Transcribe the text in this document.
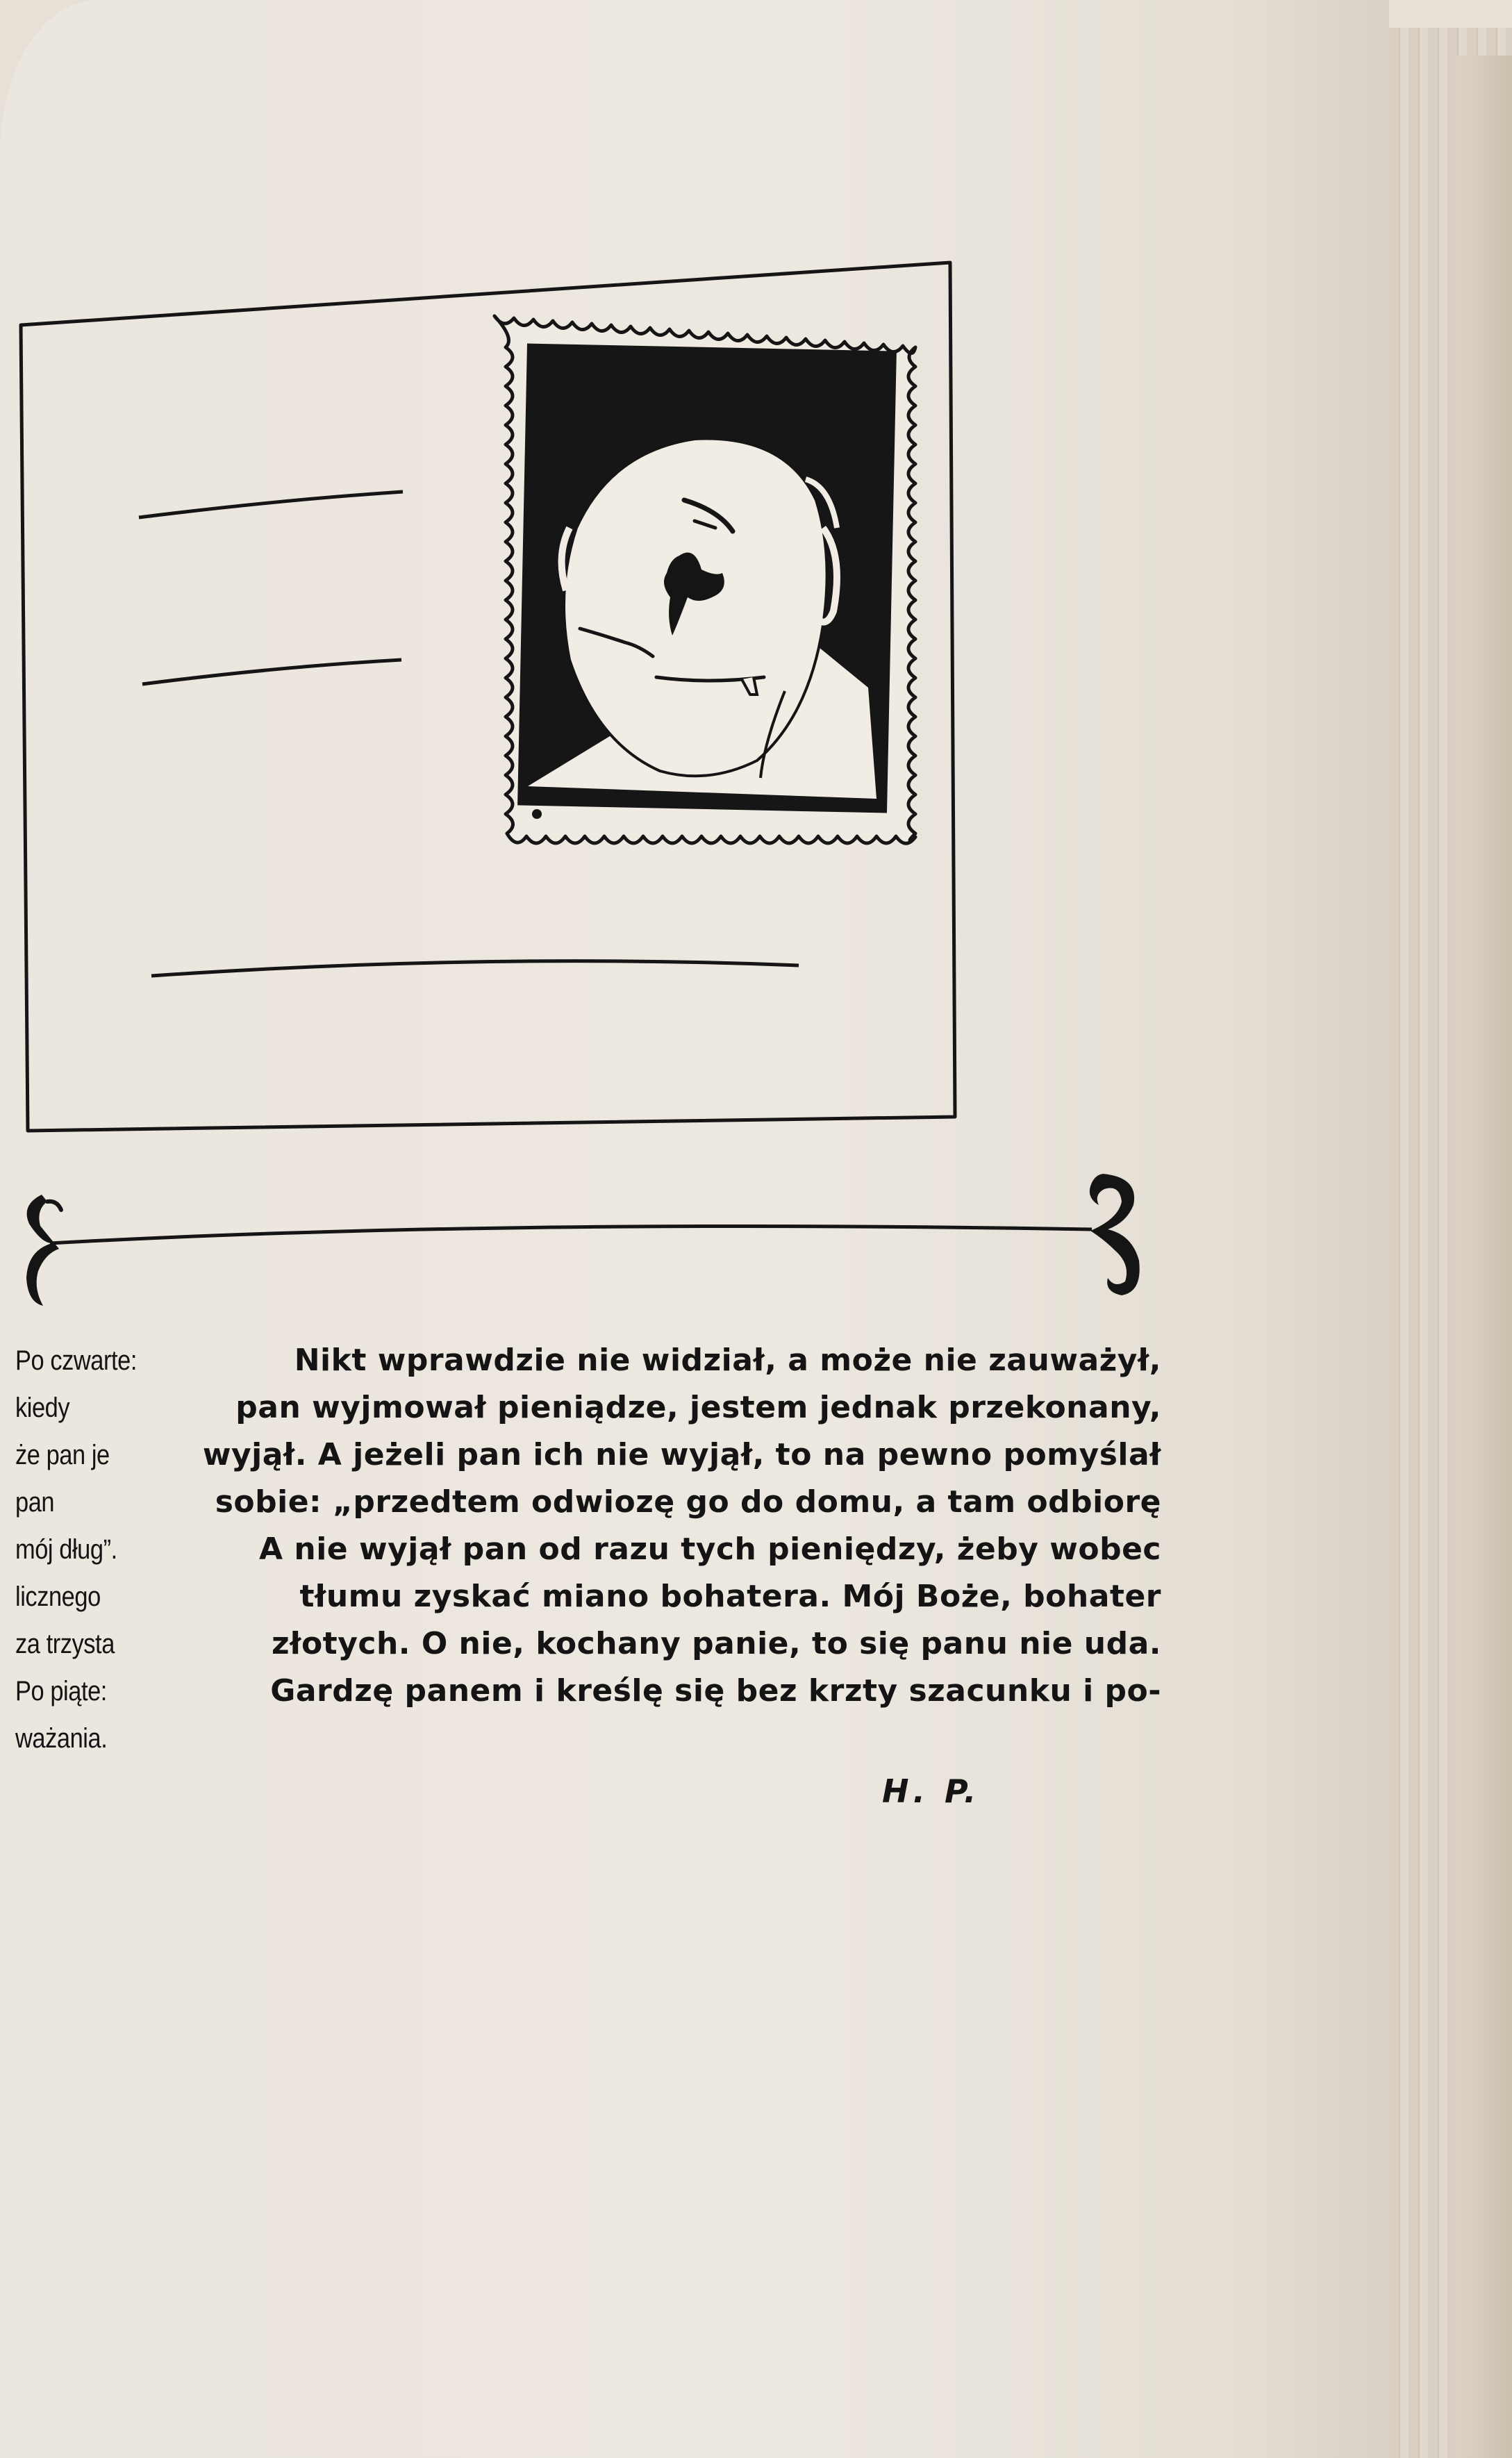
Po czwarte:	Nikt wprawdzie nie widział, a może nie zauważył,
kiedy	pan wyjmował pieniądze, jestem jednak przekonany,
że pan je	wyjął. A jeżeli pan ich nie wyjął, to na pewno pomyślał
pan	sobie: „przedtem odwiozę go do domu, a tam odbiorę
mój dług”.	A nie wyjął pan od razu tych pieniędzy, żeby wobec
licznego	tłumu zyskać miano bohatera. Mój Boże, bohater
za trzysta	złotych. O nie, kochany panie, to się panu nie uda.
Po piąte:	Gardzę panem i kreślę się bez krzty szacunku i po-
ważania.
H. P.
